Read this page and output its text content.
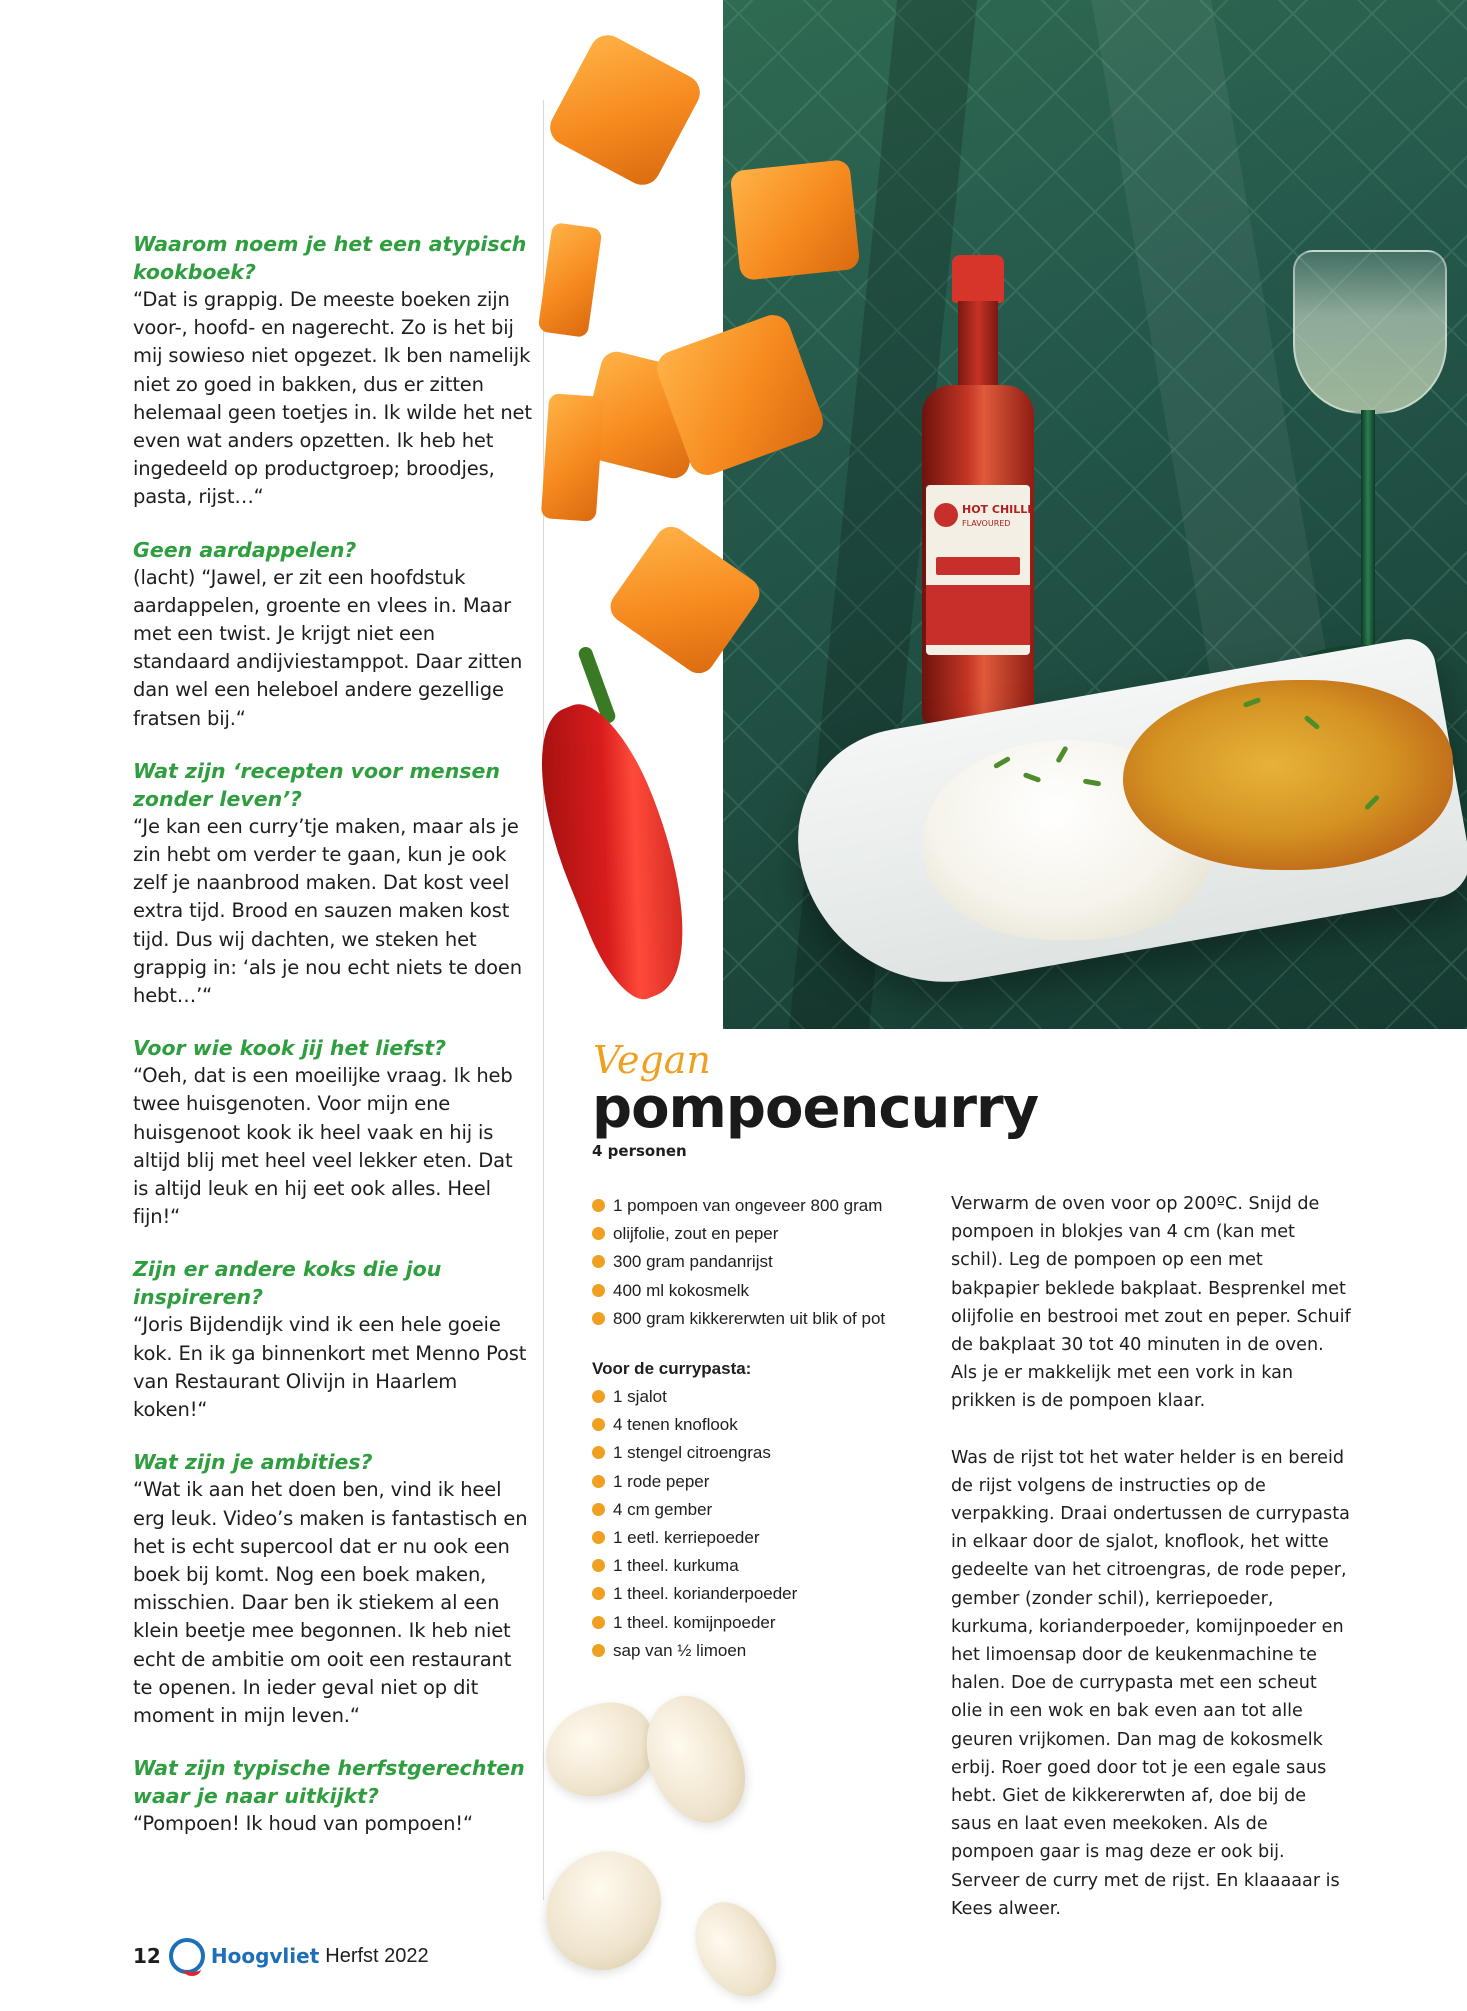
Waarom noem je het een atypisch kookboek?

“Dat is grappig. De meeste boeken zijn voor-, hoofd- en nagerecht. Zo is het bij mij sowieso niet opgezet. Ik ben namelijk niet zo goed in bakken, dus er zitten helemaal geen toetjes in. Ik wilde het net even wat anders opzetten. Ik heb het ingedeeld op productgroep; broodjes, pasta, rijst…“

Geen aardappelen?

(lacht) “Jawel, er zit een hoofdstuk aardappelen, groente en vlees in. Maar met een twist. Je krijgt niet een standaard andijviestamppot. Daar zitten dan wel een heleboel andere gezellige fratsen bij.“

Wat zijn ‘recepten voor mensen zonder leven’?

“Je kan een curry’tje maken, maar als je zin hebt om verder te gaan, kun je ook zelf je naanbrood maken. Dat kost veel extra tijd. Brood en sauzen maken kost tijd. Dus wij dachten, we steken het grappig in: ‘als je nou echt niets te doen hebt…’“

Voor wie kook jij het liefst?

“Oeh, dat is een moeilijke vraag. Ik heb twee huisgenoten. Voor mijn ene huisgenoot kook ik heel vaak en hij is altijd blij met heel veel lekker eten. Dat is altijd leuk en hij eet ook alles. Heel fijn!“

Zijn er andere koks die jou inspireren?

“Joris Bijdendijk vind ik een hele goeie kok. En ik ga binnenkort met Menno Post van Restaurant Olivijn in Haarlem koken!“

Wat zijn je ambities?

“Wat ik aan het doen ben, vind ik heel erg leuk. Video’s maken is fantastisch en het is echt supercool dat er nu ook een boek bij komt. Nog een boek maken, misschien. Daar ben ik stiekem al een klein beetje mee begonnen. Ik heb niet echt de ambitie om ooit een restaurant te openen. In ieder geval niet op dit moment in mijn leven.“

Wat zijn typische herfstgerechten waar je naar uitkijkt?

“Pompoen! Ik houd van pompoen!“

HOT CHILLI
FLAVOURED

Vegan

pompoencurry

4 personen

1 pompoen van ongeveer 800 gram
olijfolie, zout en peper
300 gram pandanrijst
400 ml kokosmelk
800 gram kikkererwten uit blik of pot

Voor de currypasta:

1 sjalot
4 tenen knoflook
1 stengel citroengras
1 rode peper
4 cm gember
1 eetl. kerriepoeder
1 theel. kurkuma
1 theel. korianderpoeder
1 theel. komijnpoeder
sap van ½ limoen

Verwarm de oven voor op 200ºC. Snijd de pompoen in blokjes van 4 cm (kan met schil). Leg de pompoen op een met bakpapier beklede bakplaat. Besprenkel met olijfolie en bestrooi met zout en peper. Schuif de bakplaat 30 tot 40 minuten in de oven. Als je er makkelijk met een vork in kan prikken is de pompoen klaar.

Was de rijst tot het water helder is en bereid de rijst volgens de instructies op de verpakking. Draai ondertussen de currypasta in elkaar door de sjalot, knoflook, het witte gedeelte van het citroengras, de rode peper, gember (zonder schil), kerriepoeder, kurkuma, korianderpoeder, komijnpoeder en het limoensap door de keukenmachine te halen. Doe de currypasta met een scheut olie in een wok en bak even aan tot alle geuren vrijkomen. Dan mag de kokosmelk erbij. Roer goed door tot je een egale saus hebt. Giet de kikkererwten af, doe bij de saus en laat even meekoken. Als de pompoen gaar is mag deze er ook bij. Serveer de curry met de rijst. En klaaaaar is Kees alweer.

12	Hoogvliet Herfst 2022
